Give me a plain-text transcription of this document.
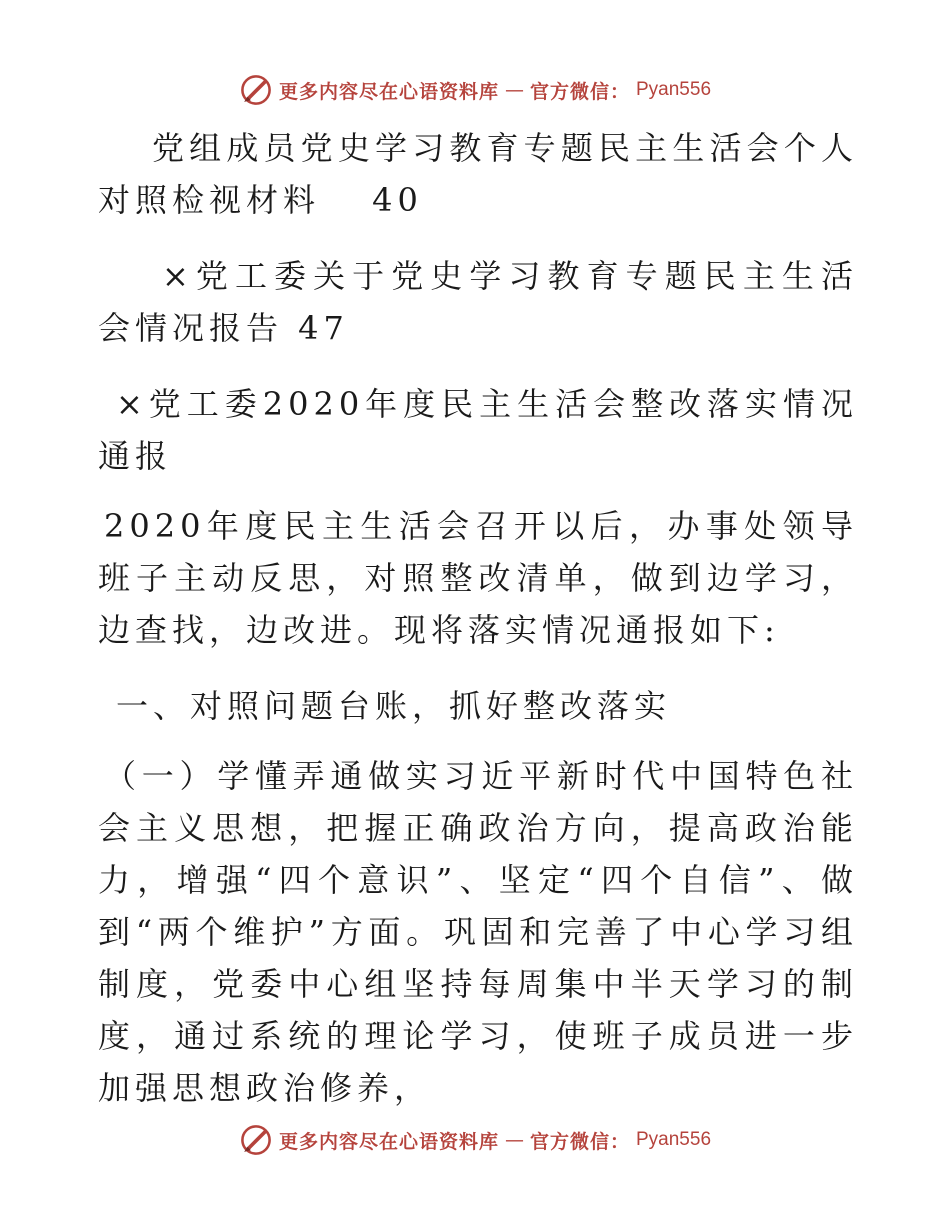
更多内容尽在心语资料库 — 官方微信： Pyan556

党组成员党史学习教育专题民主生活会个人对照检视材料　 40

×党工委关于党史学习教育专题民主生活会情况报告 47

×党工委2020年度民主生活会整改落实情况通报

2020年度民主生活会召开以后，办事处领导班子主动反思，对照整改清单，做到边学习，边查找，边改进。现将落实情况通报如下:

一、对照问题台账，抓好整改落实

（一）学懂弄通做实习近平新时代中国特色社会主义思想，把握正确政治方向，提高政治能力，增强“四个意识”、坚定“四个自信”、做到“两个维护”方面。巩固和完善了中心学习组制度，党委中心组坚持每周集中半天学习的制度，通过系统的理论学习，使班子成员进一步加强思想政治修养，

更多内容尽在心语资料库 — 官方微信： Pyan556
